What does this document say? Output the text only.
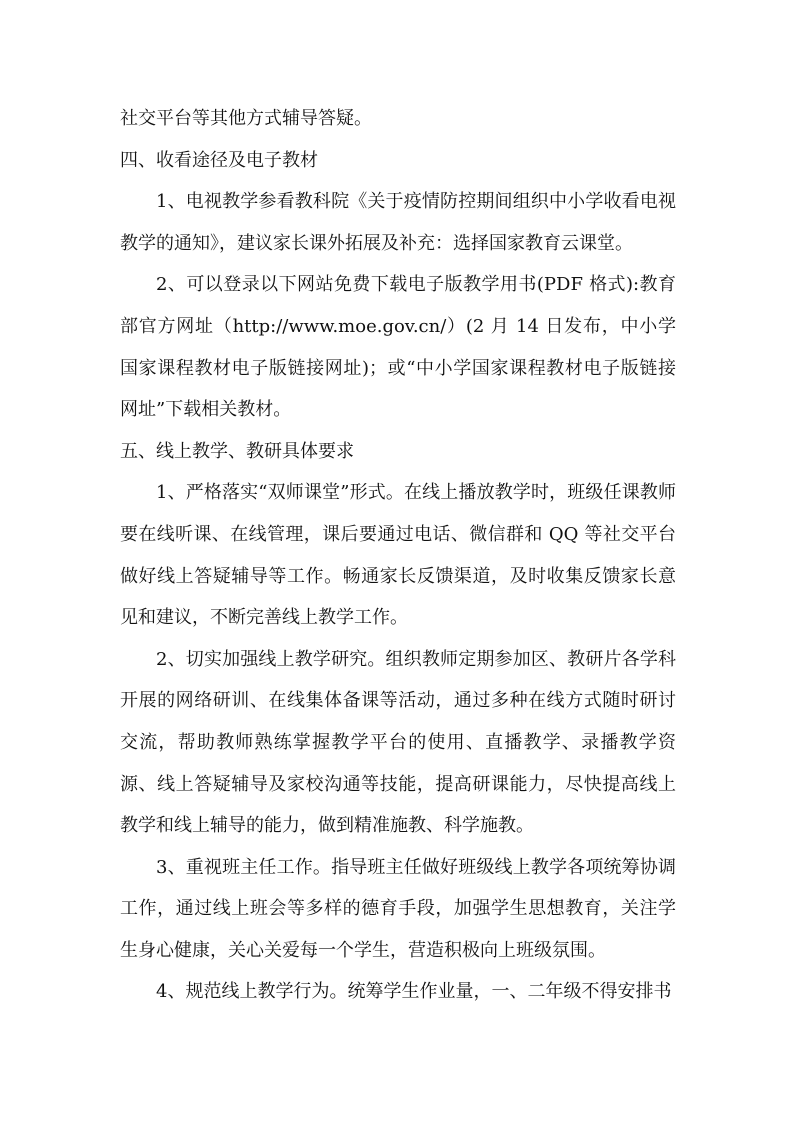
社交平台等其他方式辅导答疑。

四、收看途径及电子教材

1、电视教学参看教科院《关于疫情防控期间组织中小学收看电视教学的通知》，建议家长课外拓展及补充：选择国家教育云课堂。

2、可以登录以下网站免费下载电子版教学用书(PDF 格式):教育部官方网址（http://www.moe.gov.cn/）(2 月 14 日发布，中小学国家课程教材电子版链接网址)；或“中小学国家课程教材电子版链接网址”下载相关教材。

五、线上教学、教研具体要求

1、严格落实“双师课堂”形式。在线上播放教学时，班级任课教师要在线听课、在线管理，课后要通过电话、微信群和 QQ 等社交平台做好线上答疑辅导等工作。畅通家长反馈渠道，及时收集反馈家长意见和建议，不断完善线上教学工作。

2、切实加强线上教学研究。组织教师定期参加区、教研片各学科开展的网络研训、在线集体备课等活动，通过多种在线方式随时研讨交流，帮助教师熟练掌握教学平台的使用、直播教学、录播教学资源、线上答疑辅导及家校沟通等技能，提高研课能力，尽快提高线上教学和线上辅导的能力，做到精准施教、科学施教。

3、重视班主任工作。指导班主任做好班级线上教学各项统筹协调工作，通过线上班会等多样的德育手段，加强学生思想教育，关注学生身心健康，关心关爱每一个学生，营造积极向上班级氛围。

4、规范线上教学行为。统筹学生作业量，一、二年级不得安排书
